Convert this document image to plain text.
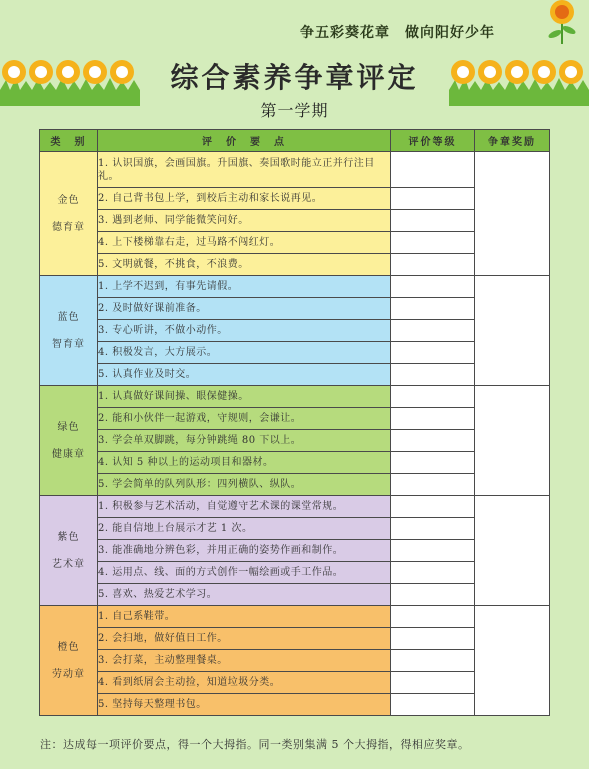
争五彩葵花章　做向阳好少年
综合素养争章评定
第一学期
类　别	评　价　要　点	评价等级	争章奖励

金色
德育章	1. 认识国旗，会画国旗。升国旗、奏国歌时能立正并行注目礼。		
	2. 自己背书包上学，到校后主动和家长说再见。		
	3. 遇到老师、同学能微笑问好。		
	4. 上下楼梯靠右走，过马路不闯红灯。		
	5. 文明就餐，不挑食，不浪费。		

蓝色
智育章	1. 上学不迟到，有事先请假。		
	2. 及时做好课前准备。		
	3. 专心听讲，不做小动作。		
	4. 积极发言，大方展示。		
	5. 认真作业及时交。		

绿色
健康章	1. 认真做好课间操、眼保健操。		
	2. 能和小伙伴一起游戏，守规则，会谦让。		
	3. 学会单双脚跳，每分钟跳绳 80 下以上。		
	4. 认知 5 种以上的运动项目和器材。		
	5. 学会简单的队列队形：四列横队、纵队。		

紫色
艺术章	1. 积极参与艺术活动，自觉遵守艺术课的课堂常规。		
	2. 能自信地上台展示才艺 1 次。		
	3. 能准确地分辨色彩，并用正确的姿势作画和制作。		
	4. 运用点、线、面的方式创作一幅绘画或手工作品。		
	5. 喜欢、热爱艺术学习。		

橙色
劳动章	1. 自己系鞋带。		
	2. 会扫地，做好值日工作。		
	3. 会打菜，主动整理餐桌。		
	4. 看到纸屑会主动捡，知道垃圾分类。		
	5. 坚持每天整理书包。		
注：达成每一项评价要点，得一个大拇指。同一类别集满 5 个大拇指，得相应奖章。
